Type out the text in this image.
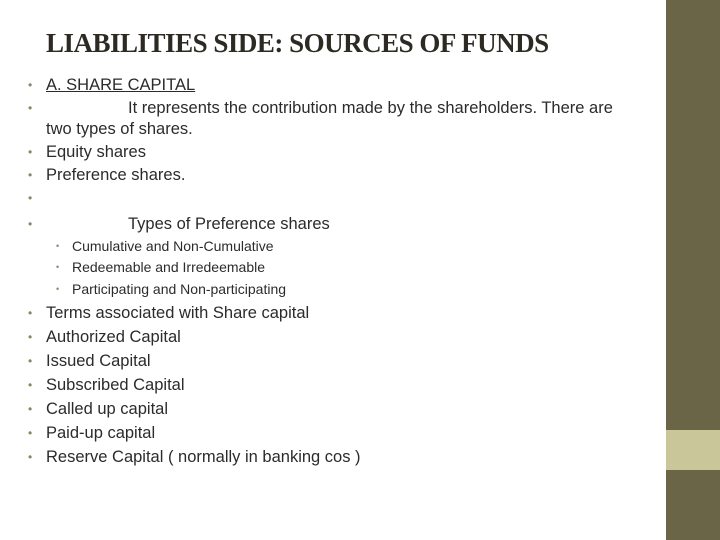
LIABILITIES SIDE: SOURCES OF FUNDS
• A. SHARE CAPITAL
•	It represents the contribution made by the shareholders. There are
two types of shares.
• Equity shares
• Preference shares.
•
•	Types of Preference shares
• Cumulative and Non-Cumulative
• Redeemable and Irredeemable
• Participating and Non-participating
• Terms associated with Share capital
• Authorized Capital
• Issued Capital
• Subscribed Capital
• Called up capital
• Paid-up capital
• Reserve Capital ( normally in banking cos )
